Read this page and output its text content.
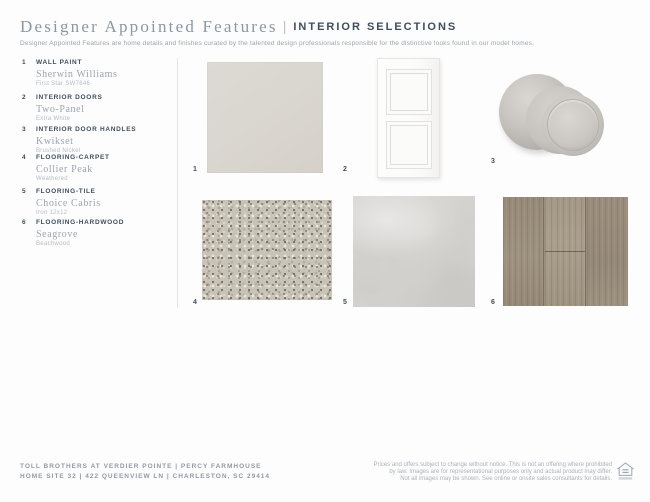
Designer Appointed Features | INTERIOR SELECTIONS
Designer Appointed Features are home details and finishes curated by the talented design professionals responsible for the distinctive looks found in our model homes.
1 WALL PAINT
Sherwin Williams
First Star SW7646
2 INTERIOR DOORS
Two-Panel
Extra White
3 INTERIOR DOOR HANDLES
Kwikset
Brushed Nickel
4 FLOORING-CARPET
Collier Peak
Weathered
5 FLOORING-TILE
Choice Cabris
Iron 12x12
6 FLOORING-HARDWOOD
Seagrove
Beachwood
1	2
3
4	5	6
TOLL BROTHERS AT VERDIER POINTE | PERCY FARMHOUSE
HOME SITE 32 | 422 QUEENVIEW LN | CHARLESTON, SC 29414
Prices and offers subject to change without notice. This is not an offering where prohibited
by law. Images are for representational purposes only and actual product may differ.
Not all images may be shown. See online or onsite sales consultants for details.
